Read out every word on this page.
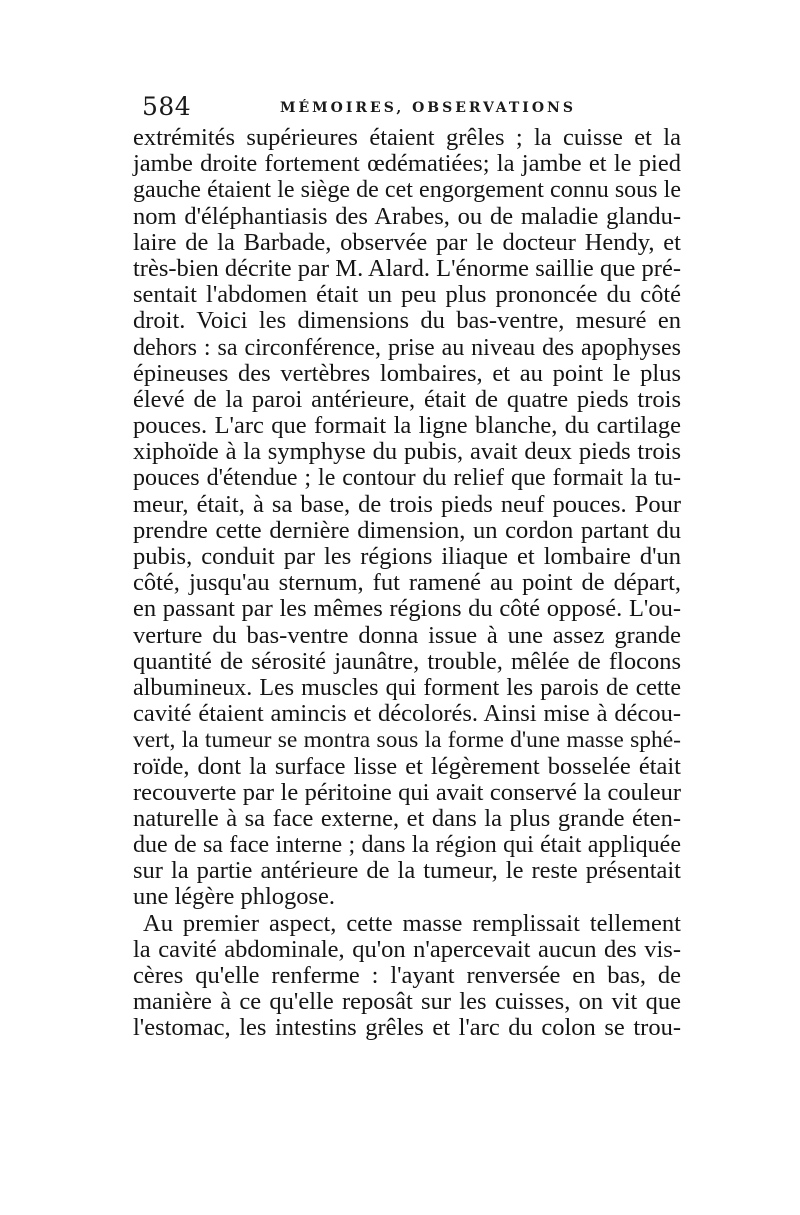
584	MÉMOIRES, OBSERVATIONS
extrémités supérieures étaient grêles ; la cuisse et la
jambe droite fortement œdématiées; la jambe et le pied
gauche étaient le siège de cet engorgement connu sous le
nom d'éléphantiasis des Arabes, ou de maladie glandu-
laire de la Barbade, observée par le docteur Hendy, et
très-bien décrite par M. Alard. L'énorme saillie que pré-
sentait l'abdomen était un peu plus prononcée du côté
droit. Voici les dimensions du bas-ventre, mesuré en
dehors : sa circonférence, prise au niveau des apophyses
épineuses des vertèbres lombaires, et au point le plus
élevé de la paroi antérieure, était de quatre pieds trois
pouces. L'arc que formait la ligne blanche, du cartilage
xiphoïde à la symphyse du pubis, avait deux pieds trois
pouces d'étendue ; le contour du relief que formait la tu-
meur, était, à sa base, de trois pieds neuf pouces. Pour
prendre cette dernière dimension, un cordon partant du
pubis, conduit par les régions iliaque et lombaire d'un
côté, jusqu'au sternum, fut ramené au point de départ,
en passant par les mêmes régions du côté opposé. L'ou-
verture du bas-ventre donna issue à une assez grande
quantité de sérosité jaunâtre, trouble, mêlée de flocons
albumineux. Les muscles qui forment les parois de cette
cavité étaient amincis et décolorés. Ainsi mise à décou-
vert, la tumeur se montra sous la forme d'une masse sphé-
roïde, dont la surface lisse et légèrement bosselée était
recouverte par le péritoine qui avait conservé la couleur
naturelle à sa face externe, et dans la plus grande éten-
due de sa face interne ; dans la région qui était appliquée
sur la partie antérieure de la tumeur, le reste présentait
une légère phlogose.
Au premier aspect, cette masse remplissait tellement
la cavité abdominale, qu'on n'apercevait aucun des vis-
cères qu'elle renferme : l'ayant renversée en bas, de
manière à ce qu'elle reposât sur les cuisses, on vit que
l'estomac, les intestins grêles et l'arc du colon se trou-
